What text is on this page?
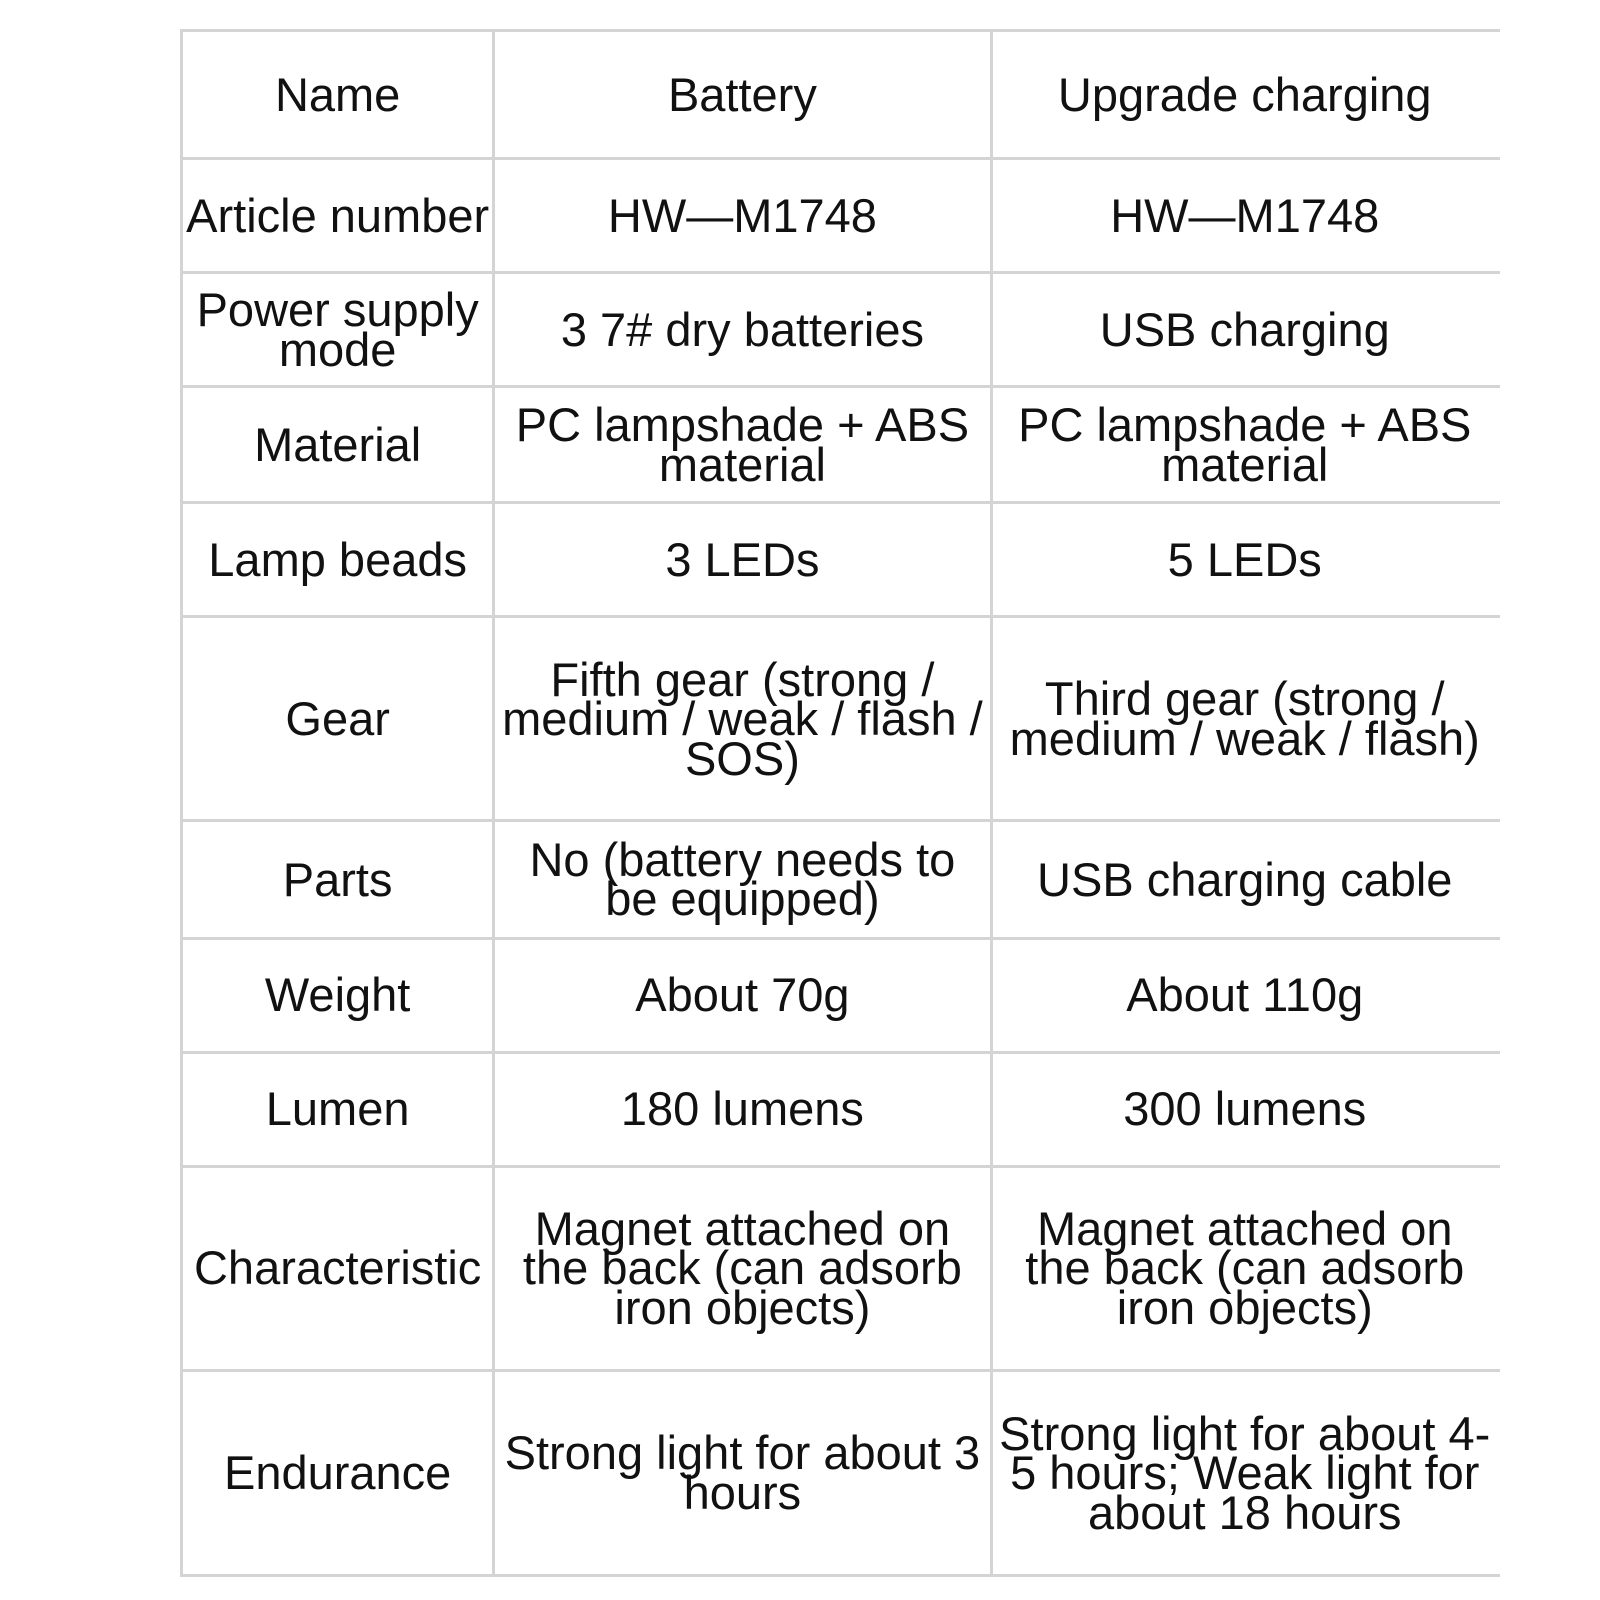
Name	Battery	Upgrade charging
Article number	HW—M1748	HW—M1748
Power supply mode	3 7# dry batteries	USB charging
Material	PC lampshade + ABS material	PC lampshade + ABS material
Lamp beads	3 LEDs	5 LEDs
Gear	Fifth gear (strong / medium / weak / flash / SOS)	Third gear (strong / medium / weak / flash)
Parts	No (battery needs to be equipped)	USB charging cable
Weight	About 70g	About 110g
Lumen	180 lumens	300 lumens
Characteristic	Magnet attached on the back (can adsorb iron objects)	Magnet attached on the back (can adsorb iron objects)
Endurance	Strong light for about 3 hours	Strong light for about 4-5 hours; Weak light for about 18 hours
